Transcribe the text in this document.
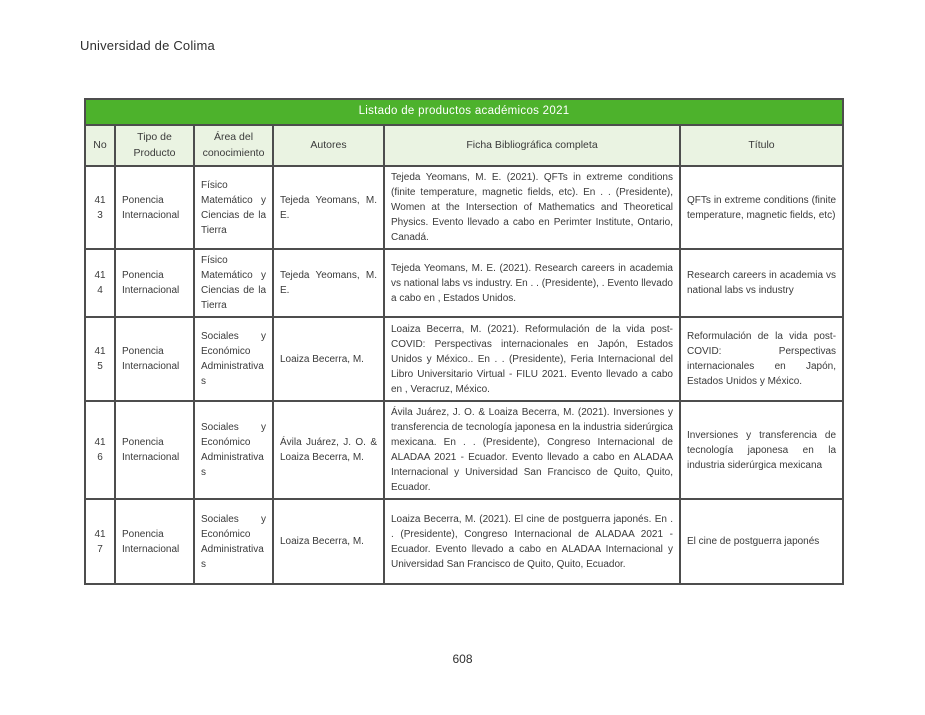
Universidad de Colima
Listado de productos académicos 2021					
No	Tipo de Producto	Área del conocimiento	Autores	Ficha Bibliográfica completa	Título
413	Ponencia Internacional	Físico Matemático y Ciencias de la Tierra	Tejeda Yeomans, M. E.	Tejeda Yeomans, M. E. (2021). QFTs in extreme conditions (finite temperature, magnetic fields, etc). En . . (Presidente), Women at the Intersection of Mathematics and Theoretical Physics. Evento llevado a cabo en Perimter Institute, Ontario, Canadá.	QFTs in extreme conditions (finite temperature, magnetic fields, etc)
414	Ponencia Internacional	Físico Matemático y Ciencias de la Tierra	Tejeda Yeomans, M. E.	Tejeda Yeomans, M. E. (2021). Research careers in academia vs national labs vs industry. En . . (Presidente), . Evento llevado a cabo en , Estados Unidos.	Research careers in academia vs national labs vs industry
415	Ponencia Internacional	Sociales y Económico Administrativas	Loaiza Becerra, M.	Loaiza Becerra, M. (2021). Reformulación de la vida post-COVID: Perspectivas internacionales en Japón, Estados Unidos y México.. En . . (Presidente), Feria Internacional del Libro Universitario Virtual - FILU 2021. Evento llevado a cabo en , Veracruz, México.	Reformulación de la vida post-COVID: Perspectivas internacionales en Japón, Estados Unidos y México.
416	Ponencia Internacional	Sociales y Económico Administrativas	Ávila Juárez, J. O. & Loaiza Becerra, M.	Ávila Juárez, J. O. & Loaiza Becerra, M. (2021). Inversiones y transferencia de tecnología japonesa en la industria siderúrgica mexicana. En . . (Presidente), Congreso Internacional de ALADAA 2021 - Ecuador. Evento llevado a cabo en ALADAA Internacional y Universidad San Francisco de Quito, Quito, Ecuador.	Inversiones y transferencia de tecnología japonesa en la industria siderúrgica mexicana
417	Ponencia Internacional	Sociales y Económico Administrativas	Loaiza Becerra, M.	Loaiza Becerra, M. (2021). El cine de postguerra japonés. En . . (Presidente), Congreso Internacional de ALADAA 2021 - Ecuador. Evento llevado a cabo en ALADAA Internacional y Universidad San Francisco de Quito, Quito, Ecuador.	El cine de postguerra japonés
608
